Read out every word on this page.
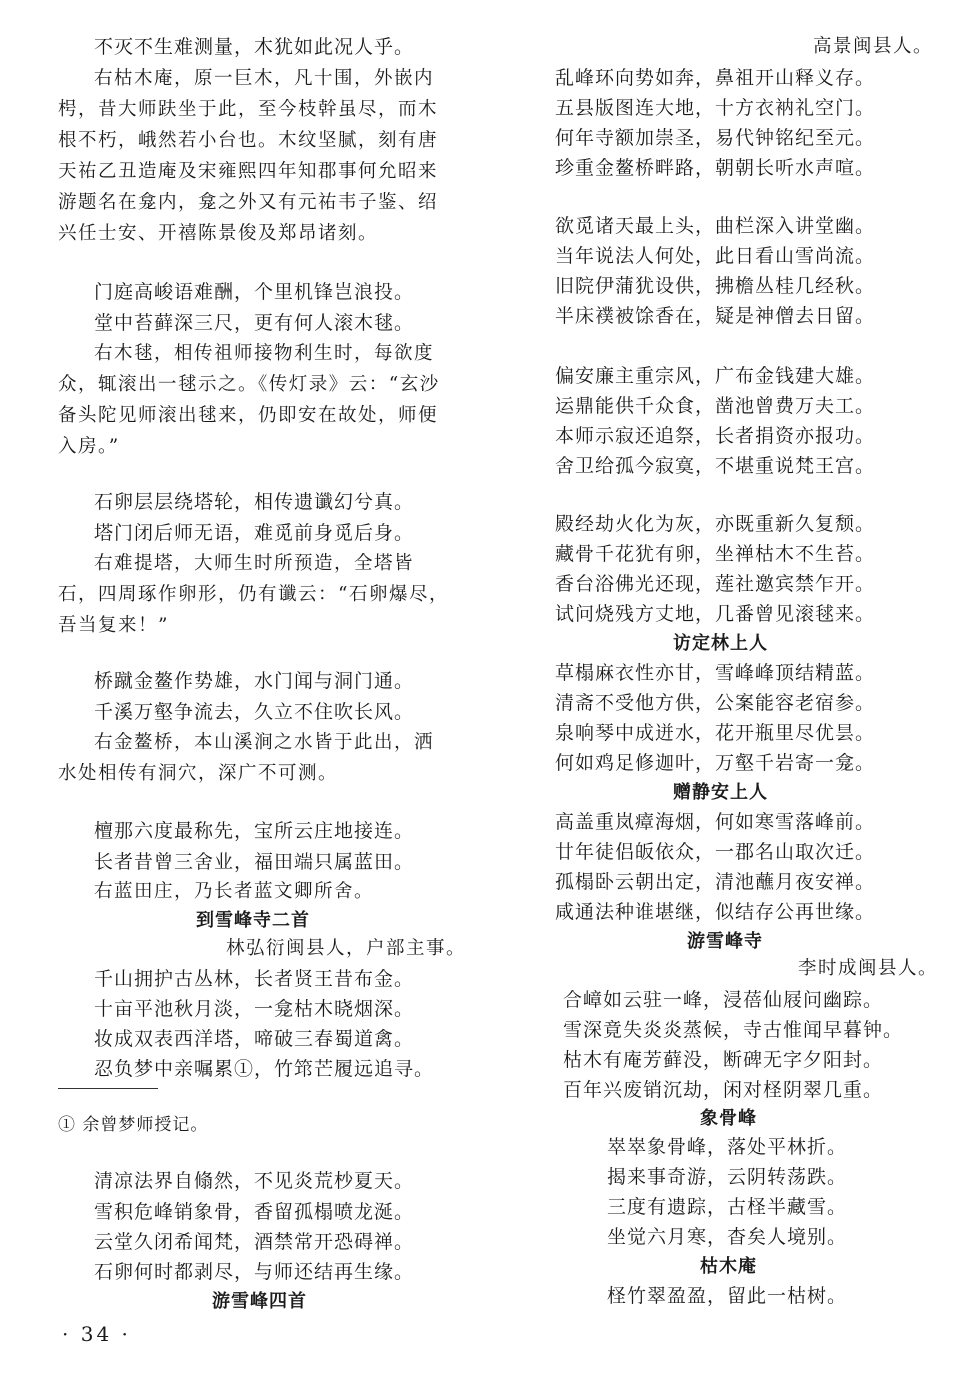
不灭不生难测量，木犹如此况人乎。
右枯木庵，原一巨木，凡十围，外嵌内
枵，昔大师趺坐于此，至今枝幹虽尽，而木
根不朽，峨然若小台也。木纹坚腻，刻有唐
天祐乙丑造庵及宋雍熙四年知郡事何允昭来
游题名在龛内，龛之外又有元祐韦子鉴、绍
兴任士安、开禧陈景俊及郑昂诸刻。
门庭高峻语难酬，个里机锋岂浪投。
堂中苔藓深三尺，更有何人滚木毬。
右木毬，相传祖师接物利生时，每欲度
众，辄滚出一毬示之。《传灯录》云：“玄沙
备头陀见师滚出毬来，仍即安在故处，师便
入房。”
石卵层层绕塔轮，相传遗谶幻兮真。
塔门闭后师无语，难觅前身觅后身。
右难提塔，大师生时所预造，全塔皆
石，四周琢作卵形，仍有谶云：“石卵爆尽，
吾当复来！”
桥蹴金鳌作势雄，水门闻与洞门通。
千溪万壑争流去，久立不住吹长风。
右金鳌桥，本山溪涧之水皆于此出，洒
水处相传有洞穴，深广不可测。
檀那六度最称先，宝所云庄地接连。
长者昔曾三舍业，福田端只属蓝田。
右蓝田庄，乃长者蓝文卿所舍。
到雪峰寺二首
林弘衍闽县人，户部主事。
千山拥护古丛林，长者贤王昔布金。
十亩平池秋月淡，一龛枯木晓烟深。
妆成双表西洋塔，啼破三春蜀道禽。
忍负梦中亲嘱累①，竹筇芒履远追寻。
① 余曾梦师授记。
清凉法界自翛然，不见炎荒杪夏天。
雪积危峰销象骨，香留孤榻喷龙涎。
云堂久闭希闻梵，酒禁常开恐碍禅。
石卵何时都剥尽，与师还结再生缘。
游雪峰四首
· 34 ·
高景闽县人。
乱峰环向势如奔，鼻祖开山释义存。
五县版图连大地，十方衣衲礼空门。
何年寺额加崇圣，易代钟铭纪至元。
珍重金鳌桥畔路，朝朝长听水声喧。
欲觅诸天最上头，曲栏深入讲堂幽。
当年说法人何处，此日看山雪尚流。
旧院伊蒲犹设供，拂檐丛桂几经秋。
半床襆被馀香在，疑是神僧去日留。
偏安廉主重宗风，广布金钱建大雄。
运鼎能供千众食，凿池曾费万夫工。
本师示寂还追祭，长者捐资亦报功。
舍卫给孤今寂寞，不堪重说梵王宫。
殿经劫火化为灰，亦既重新久复颓。
藏骨千花犹有卵，坐禅枯木不生苔。
香台浴佛光还现，莲社邀宾禁乍开。
试问烧残方丈地，几番曾见滚毬来。
访定林上人
草榻麻衣性亦甘，雪峰峰顶结精蓝。
清斋不受他方供，公案能容老宿参。
泉响琴中成迸水，花开瓶里尽优昙。
何如鸡足修迦叶，万壑千岩寄一龛。
赠静安上人
高盖重岚瘴海烟，何如寒雪落峰前。
廿年徒侣皈依众，一郡名山取次迁。
孤榻卧云朝出定，清池蘸月夜安禅。
咸通法种谁堪继，似结存公再世缘。
游雪峰寺
李时成闽县人。
合嶂如云驻一峰，浸蓓仙屐问幽踪。
雪深竟失炎炎蒸候，寺古惟闻早暮钟。
枯木有庵芳藓没，断碑无字夕阳封。
百年兴废销沉劫，闲对柽阴翠几重。
象骨峰
崒崒象骨峰，落处平林折。
揭来事奇游，云阴转荡跌。
三度有遗踪，古柽半藏雪。
坐觉六月寒，杳矣人境别。
枯木庵
柽竹翠盈盈，留此一枯树。
